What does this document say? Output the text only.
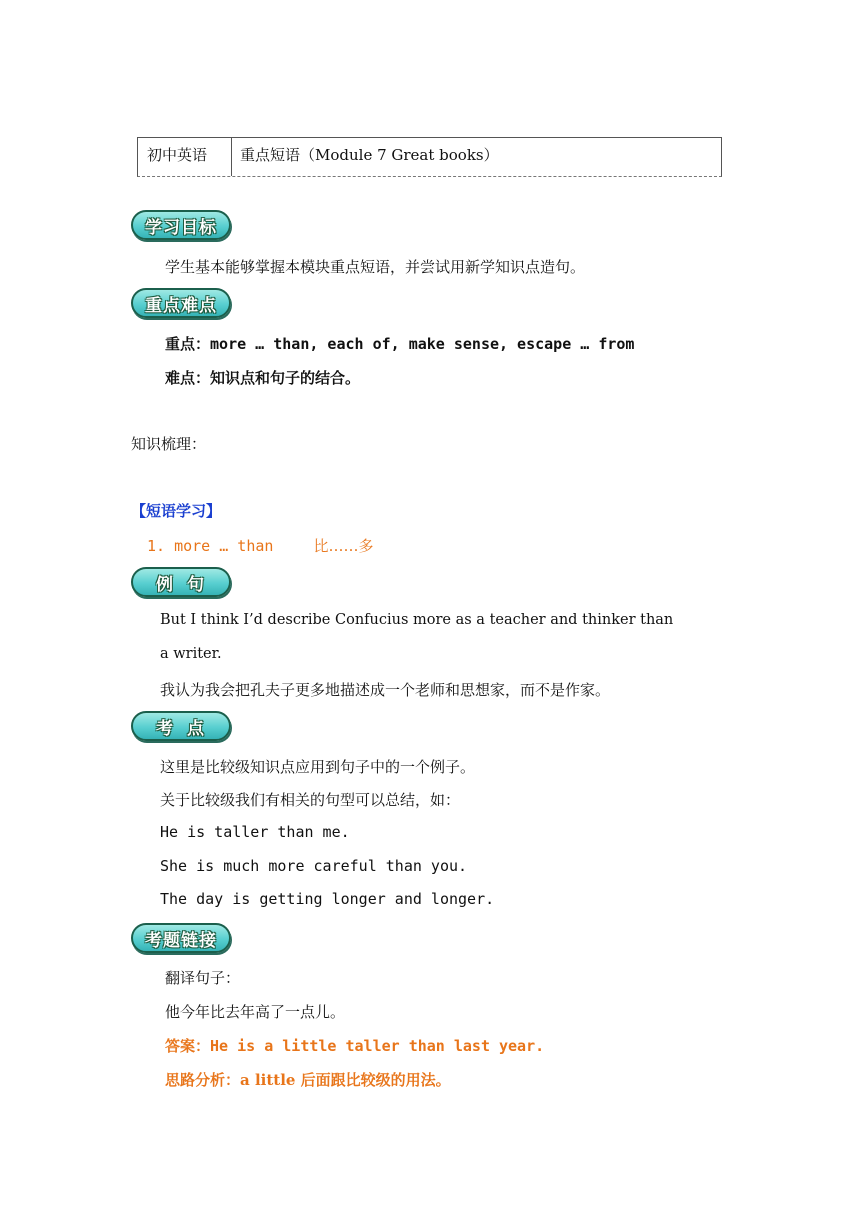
初中英语 重点短语（Module 7 Great books）
学习目标
学生基本能够掌握本模块重点短语，并尝试用新学知识点造句。
重点难点
重点：more … than, each of, make sense, escape … from
难点：知识点和句子的结合。
知识梳理：
【短语学习】
1. more … than	比……多
例句
But I think I’d describe Confucius more as a teacher and thinker than
a writer.
我认为我会把孔夫子更多地描述成一个老师和思想家，而不是作家。
考点
这里是比较级知识点应用到句子中的一个例子。
关于比较级我们有相关的句型可以总结，如：
He is taller than me.
She is much more careful than you.
The day is getting longer and longer.
考题链接
翻译句子：
他今年比去年高了一点儿。
答案：He is a little taller than last year.
思路分析：a little 后面跟比较级的用法。
